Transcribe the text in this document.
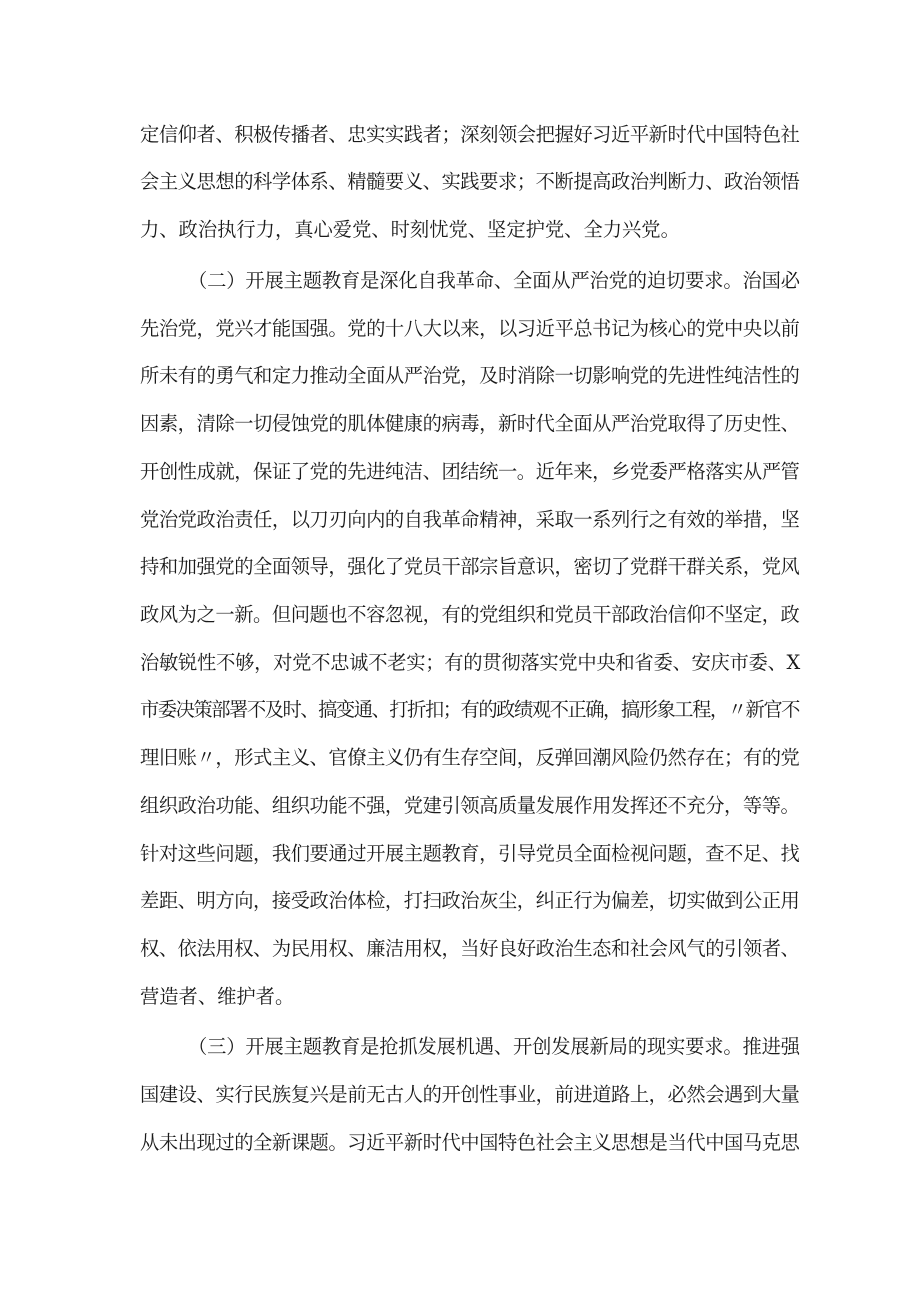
定信仰者、积极传播者、忠实实践者；深刻领会把握好习近平新时代中国特色社
会主义思想的科学体系、精髓要义、实践要求；不断提高政治判断力、政治领悟
力、政治执行力，真心爱党、时刻忧党、坚定护党、全力兴党。
（二）开展主题教育是深化自我革命、全面从严治党的迫切要求。治国必
先治党，党兴才能国强。党的十八大以来，以习近平总书记为核心的党中央以前
所未有的勇气和定力推动全面从严治党，及时消除一切影响党的先进性纯洁性的
因素，清除一切侵蚀党的肌体健康的病毒，新时代全面从严治党取得了历史性、
开创性成就，保证了党的先进纯洁、团结统一。近年来，乡党委严格落实从严管
党治党政治责任，以刀刃向内的自我革命精神，采取一系列行之有效的举措，坚
持和加强党的全面领导，强化了党员干部宗旨意识，密切了党群干群关系，党风
政风为之一新。但问题也不容忽视，有的党组织和党员干部政治信仰不坚定，政
治敏锐性不够，对党不忠诚不老实；有的贯彻落实党中央和省委、安庆市委、X
市委决策部署不及时、搞变通、打折扣；有的政绩观不正确，搞形象工程，〃新官不
理旧账〃，形式主义、官僚主义仍有生存空间，反弹回潮风险仍然存在；有的党
组织政治功能、组织功能不强，党建引领高质量发展作用发挥还不充分，等等。
针对这些问题，我们要通过开展主题教育，引导党员全面检视问题，查不足、找
差距、明方向，接受政治体检，打扫政治灰尘，纠正行为偏差，切实做到公正用
权、依法用权、为民用权、廉洁用权，当好良好政治生态和社会风气的引领者、
营造者、维护者。
（三）开展主题教育是抢抓发展机遇、开创发展新局的现实要求。推进强
国建设、实行民族复兴是前无古人的开创性事业，前进道路上，必然会遇到大量
从未出现过的全新课题。习近平新时代中国特色社会主义思想是当代中国马克思
